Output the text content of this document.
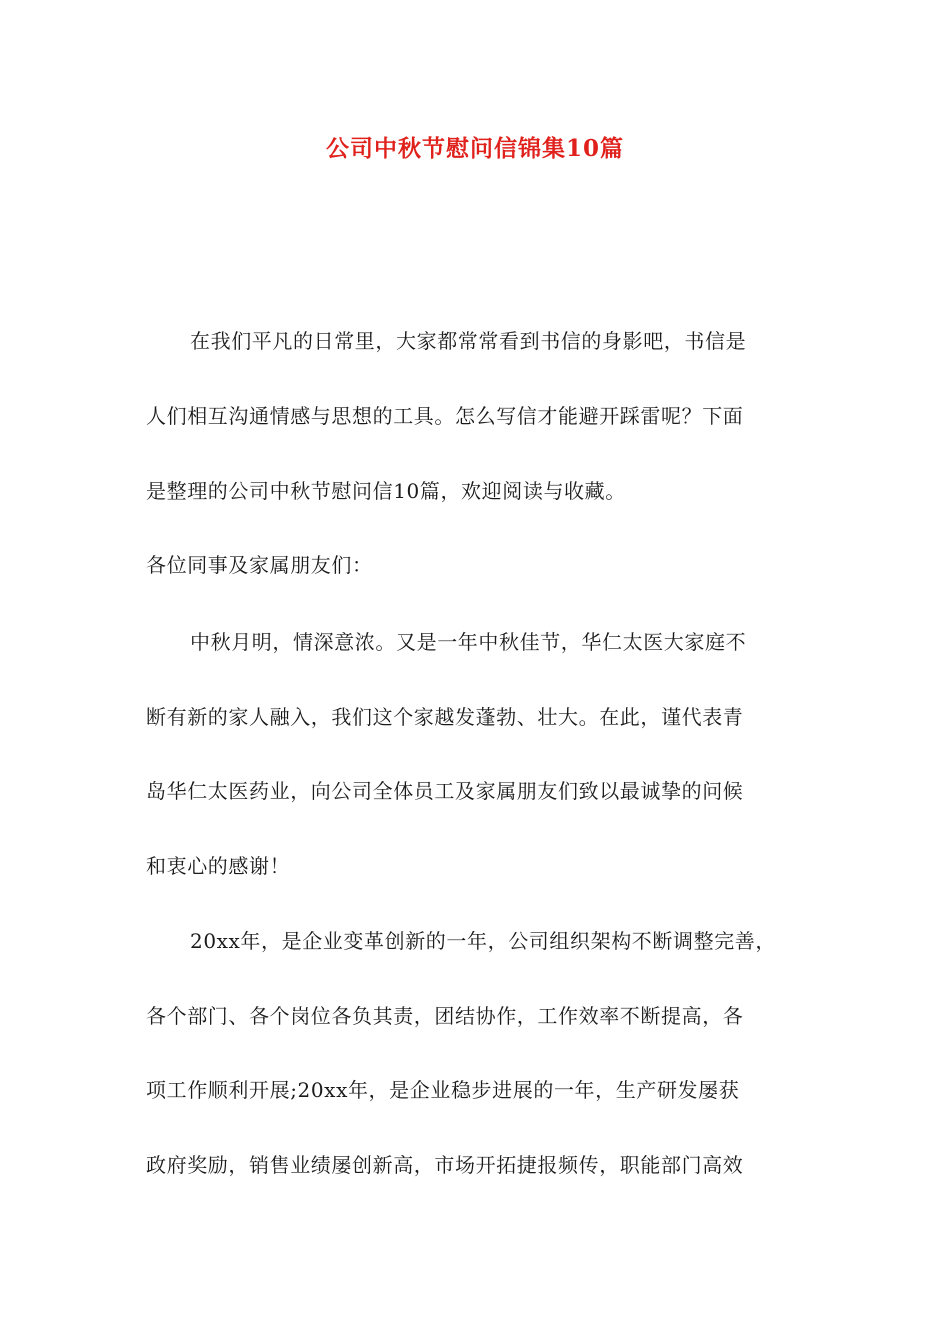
公司中秋节慰问信锦集10篇
在我们平凡的日常里，大家都常常看到书信的身影吧，书信是
人们相互沟通情感与思想的工具。怎么写信才能避开踩雷呢？下面
是整理的公司中秋节慰问信10篇，欢迎阅读与收藏。
各位同事及家属朋友们：
中秋月明，情深意浓。又是一年中秋佳节，华仁太医大家庭不
断有新的家人融入，我们这个家越发蓬勃、壮大。在此，谨代表青
岛华仁太医药业，向公司全体员工及家属朋友们致以最诚挚的问候
和衷心的感谢！
20xx年，是企业变革创新的一年，公司组织架构不断调整完善，
各个部门、各个岗位各负其责，团结协作，工作效率不断提高，各
项工作顺利开展;20xx年，是企业稳步进展的一年，生产研发屡获
政府奖励，销售业绩屡创新高，市场开拓捷报频传，职能部门高效
